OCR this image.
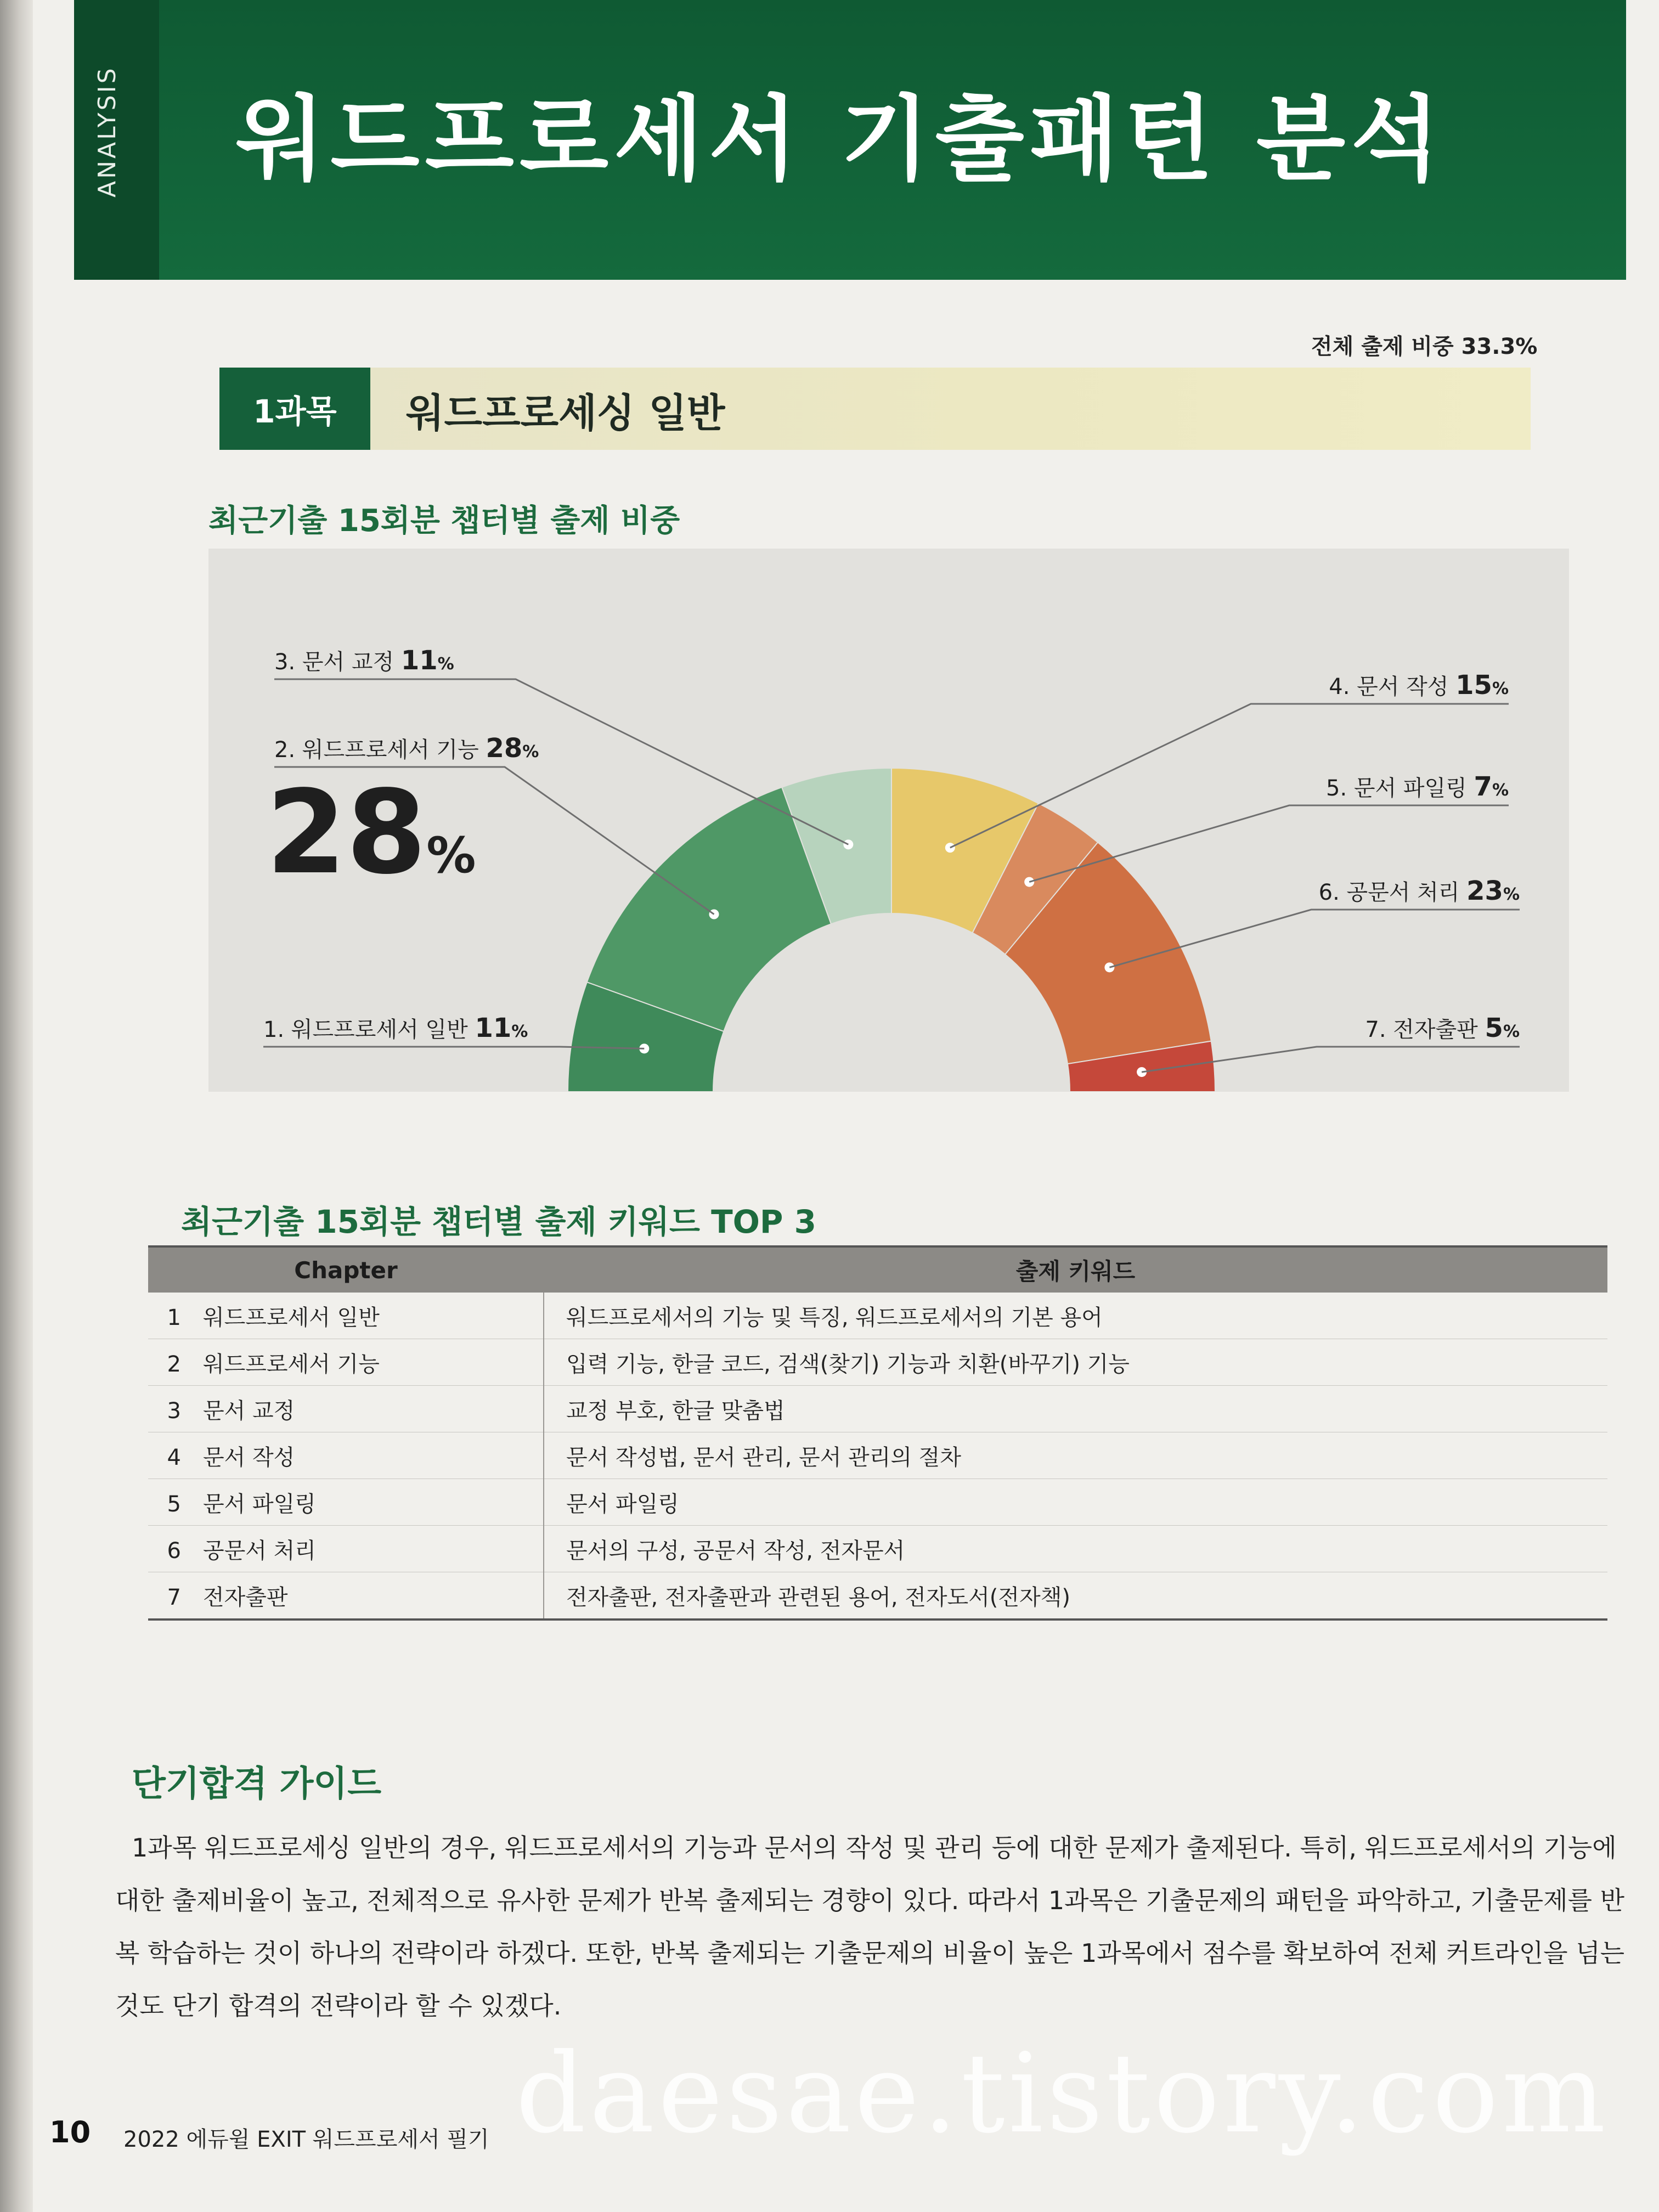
ANALYSIS 워드프로세서 기출패턴 분석
전체 출제 비중 33.3%
1과목	워드프로세싱 일반
최근기출 15회분 챕터별 출제 비중
1. 워드프로세서 일반 11%
2. 워드프로세서 기능 28%
3. 문서 교정 11%
4. 문서 작성 15%
5. 문서 파일링 7%
6. 공문서 처리 23%
7. 전자출판 5%
28%
최근기출 15회분 챕터별 출제 키워드 TOP 3
Chapter	출제 키워드
1 워드프로세서 일반	워드프로세서의 기능 및 특징, 워드프로세서의 기본 용어
2 워드프로세서 기능	입력 기능, 한글 코드, 검색(찾기) 기능과 치환(바꾸기) 기능
3 문서 교정	교정 부호, 한글 맞춤법
4 문서 작성	문서 작성법, 문서 관리, 문서 관리의 절차
5 문서 파일링	문서 파일링
6 공문서 처리	문서의 구성, 공문서 작성, 전자문서
7 전자출판	전자출판, 전자출판과 관련된 용어, 전자도서(전자책)
단기합격 가이드
1과목 워드프로세싱 일반의 경우, 워드프로세서의 기능과 문서의 작성 및 관리 등에 대한 문제가 출제된다. 특히, 워드프로세서의 기능에 대한 출제비율이 높고, 전체적으로 유사한 문제가 반복 출제되는 경향이 있다. 따라서 1과목은 기출문제의 패턴을 파악하고, 기출문제를 반복 학습하는 것이 하나의 전략이라 하겠다. 또한, 반복 출제되는 기출문제의 비율이 높은 1과목에서 점수를 확보하여 전체 커트라인을 넘는 것도 단기 합격의 전략이라 할 수 있겠다.
10 2022 에듀윌 EXIT 워드프로세서 필기 daesae.tistory.com
